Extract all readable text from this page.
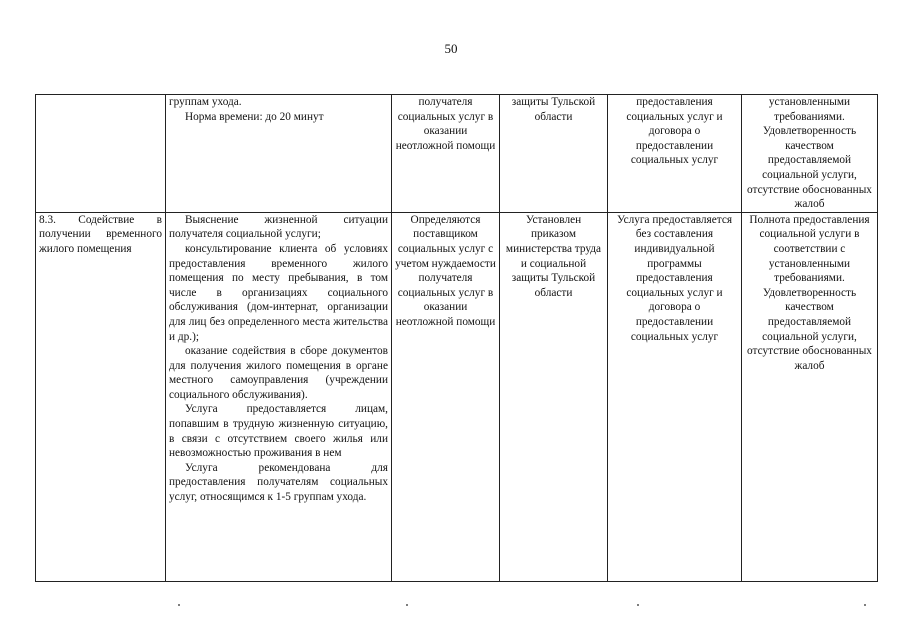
50

	группам ухода.

Норма времени: до 20 минут	получателя социальных услуг в оказании неотложной помощи	защиты Тульской области	предоставления социальных услуг и договора о предоставлении социальных услуг	установленными требованиями. Удовлетворенность качеством предоставляемой социальной услуги, отсутствие обоснованных жалоб
8.3. Содействие в получении временного жилого помещения	Выяснение жизненной ситуации получателя социальной услуги;

консультирование клиента об условиях предоставления временного жилого помещения по месту пребывания, в том числе в организациях социального обслуживания (дом-интернат, организации для лиц без определенного места жительства и др.);

оказание содействия в сборе документов для получения жилого помещения в органе местного самоуправления (учреждении социального обслуживания).

Услуга предоставляется лицам, попавшим в трудную жизненную ситуацию, в связи с отсутствием своего жилья или невозможностью проживания в нем

Услуга рекомендована для предоставления получателям социальных услуг, относящимся к 1-5 группам ухода.	Определяются поставщиком социальных услуг с учетом нуждаемости получателя социальных услуг в оказании неотложной помощи	Установлен приказом министерства труда и социальной защиты Тульской области	Услуга предоставляется без составления индивидуальной программы предоставления социальных услуг и договора о предоставлении социальных услуг	Полнота предоставления социальной услуги в соответствии с установленными требованиями. Удовлетворенность качеством предоставляемой социальной услуги, отсутствие обоснованных жалоб
